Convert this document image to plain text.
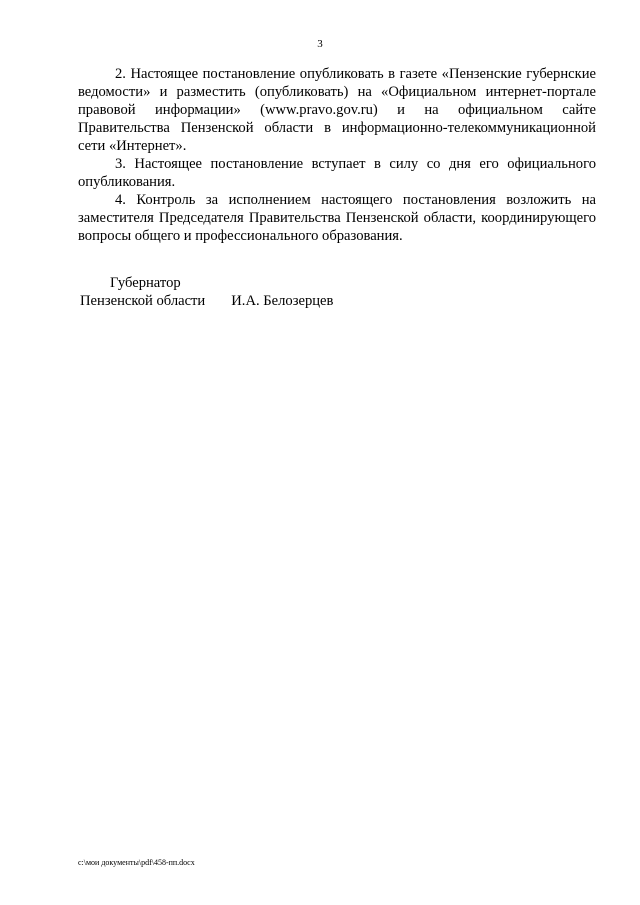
3

2. Настоящее постановление опубликовать в газете «Пензенские губернские ведомости» и разместить (опубликовать) на «Официальном интернет-портале правовой информации» (www.pravo.gov.ru) и на официальном сайте Правительства Пензенской области в информационно-телекоммуникационной сети «Интернет».

3. Настоящее постановление вступает в силу со дня его официального опубликования.

4. Контроль за исполнением настоящего постановления возложить на заместителя Председателя Правительства Пензенской области, координирующего вопросы общего и профессионального образования.

Губернатор
Пензенской области И.А. Белозерцев
c:\мои документы\pdf\458-пп.docx
